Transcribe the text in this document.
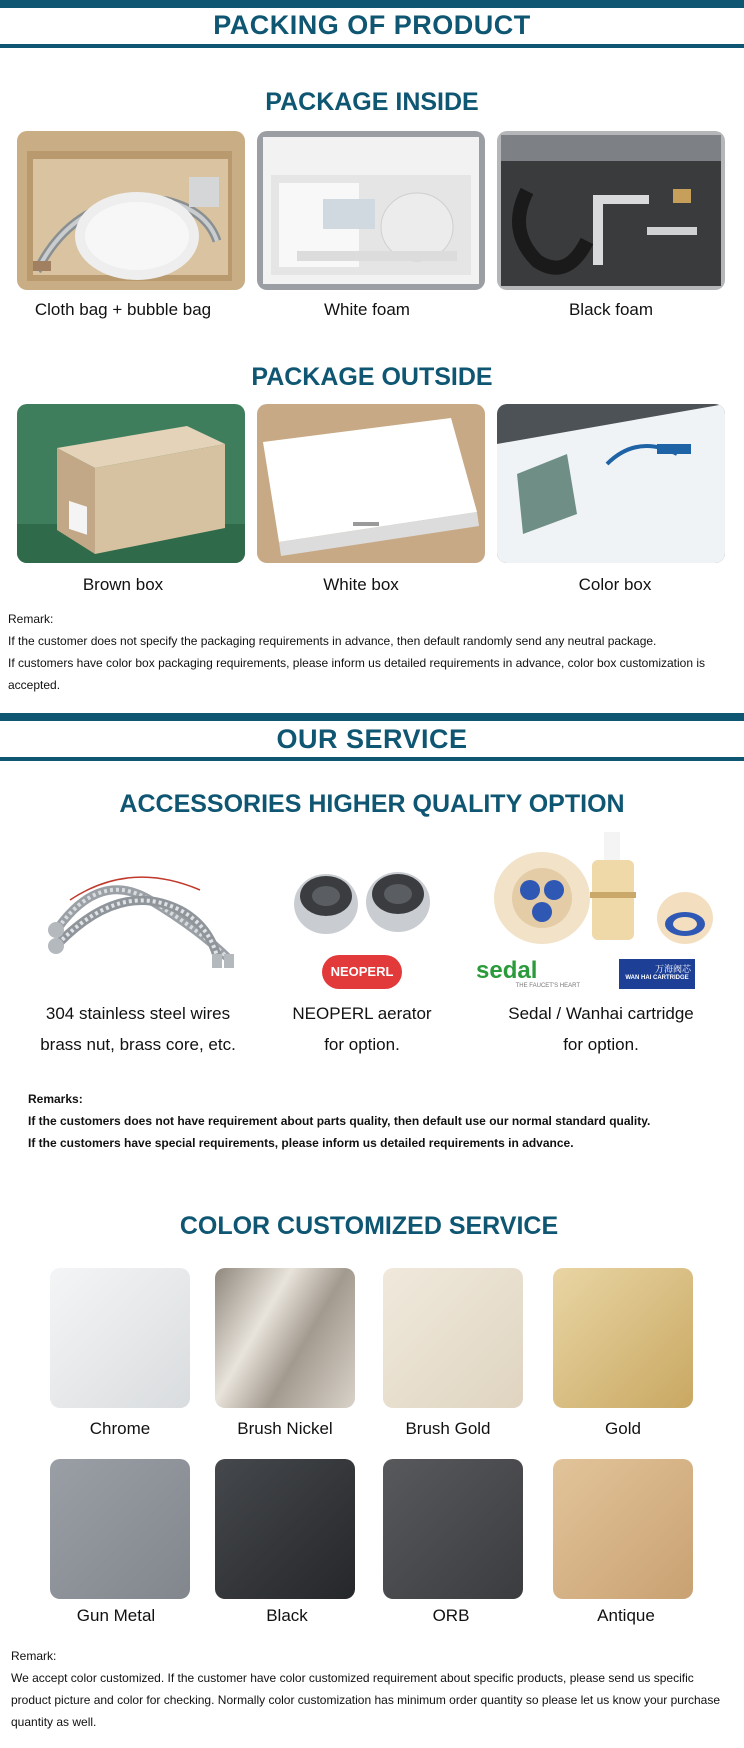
PACKING OF PRODUCT
PACKAGE INSIDE
Cloth bag + bubble bag	White foam	Black foam
PACKAGE OUTSIDE
Brown box	White box	Color box
Remark:
If the customer does not specify the packaging requirements in advance, then default randomly send any neutral package.
If customers have color box packaging requirements, please inform us detailed requirements in advance, color box customization is accepted.
OUR SERVICE
ACCESSORIES HIGHER QUALITY OPTION
NEOPERL	sedal
THE FAUCET'S HEART
万海阀芯
WAN HAI CARTRIDGE
304 stainless steel wires
brass nut, brass core, etc.
NEOPERL aerator
for option.
Sedal / Wanhai cartridge
for option.
Remarks:
If the customers does not have requirement about parts quality, then default use our normal standard quality.
If the customers have special requirements, please inform us detailed requirements in advance.
COLOR CUSTOMIZED SERVICE
Chrome	Brush Nickel	Brush Gold	Gold
Gun Metal	Black	ORB	Antique
Remark:
We accept color customized. If the customer have color customized requirement about specific products, please send us specific product picture and color for checking. Normally color customization has minimum order quantity so please let us know your purchase quantity as well.
